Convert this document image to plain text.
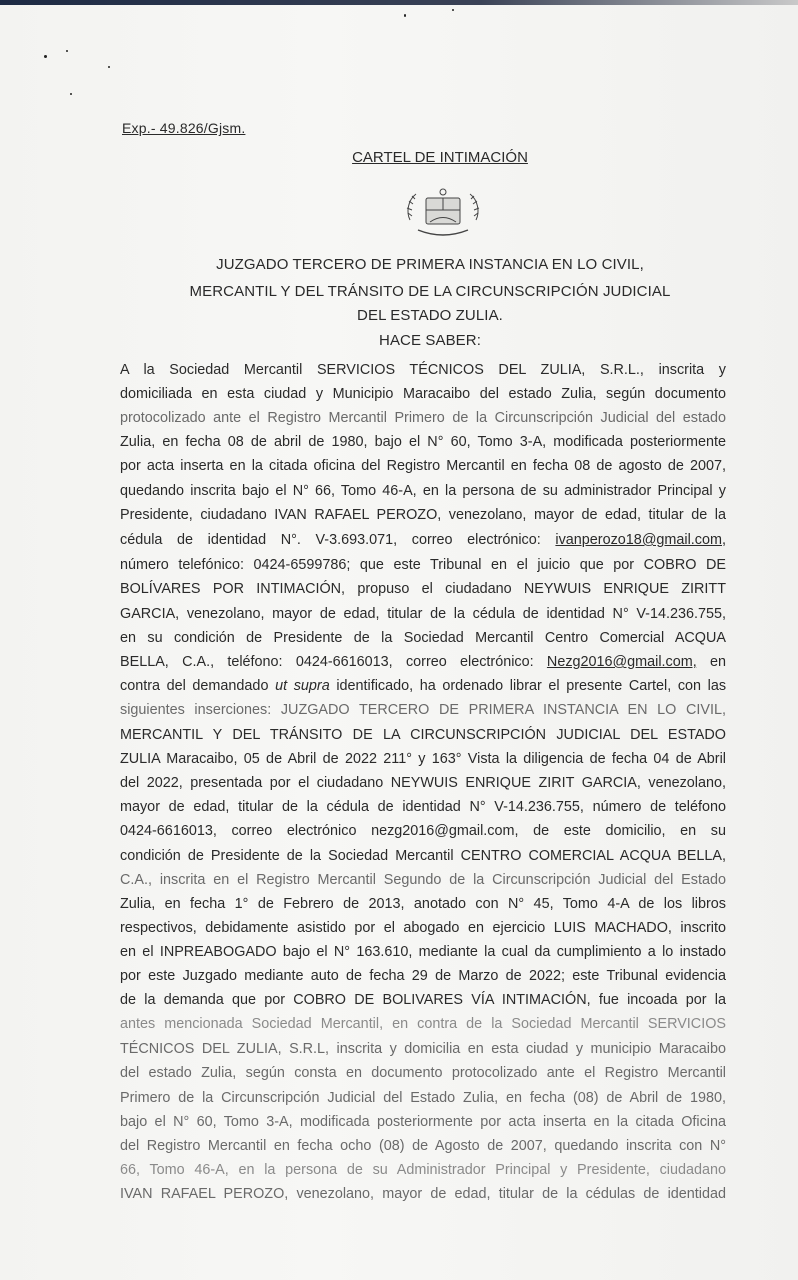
Exp.- 49.826/Gjsm.
CARTEL DE INTIMACIÓN
JUZGADO TERCERO DE PRIMERA INSTANCIA EN LO CIVIL,
MERCANTIL Y DEL TRÁNSITO DE LA CIRCUNSCRIPCIÓN JUDICIAL
DEL ESTADO ZULIA.
HACE SABER:
A la Sociedad Mercantil SERVICIOS TÉCNICOS DEL ZULIA, S.R.L., inscrita y
domiciliada en esta ciudad y Municipio Maracaibo del estado Zulia, según documento
protocolizado ante el Registro Mercantil Primero de la Circunscripción Judicial del estado
Zulia, en fecha 08 de abril de 1980, bajo el N° 60, Tomo 3-A, modificada posteriormente
por acta inserta en la citada oficina del Registro Mercantil en fecha 08 de agosto de 2007,
quedando inscrita bajo el N° 66, Tomo 46-A, en la persona de su administrador Principal y
Presidente, ciudadano IVAN RAFAEL PEROZO, venezolano, mayor de edad, titular de la
cédula de identidad N°. V-3.693.071, correo electrónico: ivanperozo18@gmail.com,
número telefónico: 0424-6599786; que este Tribunal en el juicio que por COBRO DE
BOLÍVARES POR INTIMACIÓN, propuso el ciudadano NEYWUIS ENRIQUE ZIRITT
GARCIA, venezolano, mayor de edad, titular de la cédula de identidad N° V-14.236.755,
en su condición de Presidente de la Sociedad Mercantil Centro Comercial ACQUA
BELLA, C.A., teléfono: 0424-6616013, correo electrónico: Nezg2016@gmail.com, en
contra del demandado ut supra identificado, ha ordenado librar el presente Cartel, con las
siguientes inserciones: JUZGADO TERCERO DE PRIMERA INSTANCIA EN LO CIVIL,
MERCANTIL Y DEL TRÁNSITO DE LA CIRCUNSCRIPCIÓN JUDICIAL DEL ESTADO
ZULIA Maracaibo, 05 de Abril de 2022 211° y 163° Vista la diligencia de fecha 04 de Abril
del 2022, presentada por el ciudadano NEYWUIS ENRIQUE ZIRIT GARCIA, venezolano,
mayor de edad, titular de la cédula de identidad N° V-14.236.755, número de teléfono
0424-6616013, correo electrónico nezg2016@gmail.com, de este domicilio, en su
condición de Presidente de la Sociedad Mercantil CENTRO COMERCIAL ACQUA BELLA,
C.A., inscrita en el Registro Mercantil Segundo de la Circunscripción Judicial del Estado
Zulia, en fecha 1° de Febrero de 2013, anotado con N° 45, Tomo 4-A de los libros
respectivos, debidamente asistido por el abogado en ejercicio LUIS MACHADO, inscrito
en el INPREABOGADO bajo el N° 163.610, mediante la cual da cumplimiento a lo instado
por este Juzgado mediante auto de fecha 29 de Marzo de 2022; este Tribunal evidencia
de la demanda que por COBRO DE BOLIVARES VÍA INTIMACIÓN, fue incoada por la
antes mencionada Sociedad Mercantil, en contra de la Sociedad Mercantil SERVICIOS
TÉCNICOS DEL ZULIA, S.R.L, inscrita y domicilia en esta ciudad y municipio Maracaibo
del estado Zulia, según consta en documento protocolizado ante el Registro Mercantil
Primero de la Circunscripción Judicial del Estado Zulia, en fecha (08) de Abril de 1980,
bajo el N° 60, Tomo 3-A, modificada posteriormente por acta inserta en la citada Oficina
del Registro Mercantil en fecha ocho (08) de Agosto de 2007, quedando inscrita con N°
66, Tomo 46-A, en la persona de su Administrador Principal y Presidente, ciudadano
IVAN RAFAEL PEROZO, venezolano, mayor de edad, titular de la cédulas de identidad
